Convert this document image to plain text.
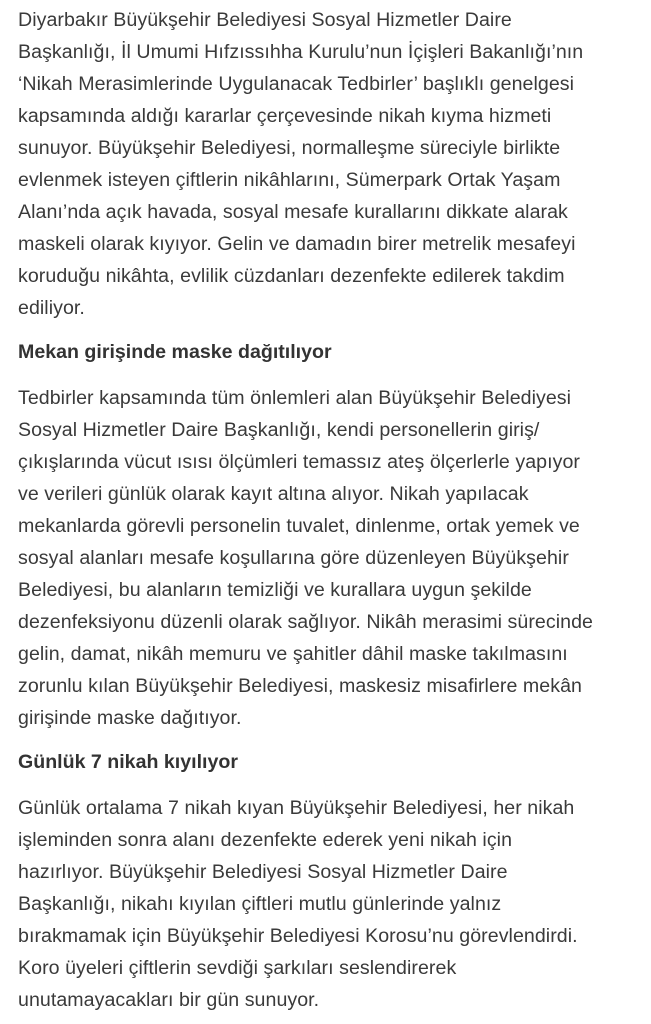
Diyarbakır Büyükşehir Belediyesi Sosyal Hizmetler Daire
Başkanlığı, İl Umumi Hıfzıssıhha Kurulu’nun İçişleri Bakanlığı’nın
‘Nikah Merasimlerinde Uygulanacak Tedbirler’ başlıklı genelgesi
kapsamında aldığı kararlar çerçevesinde nikah kıyma hizmeti
sunuyor. Büyükşehir Belediyesi, normalleşme süreciyle birlikte
evlenmek isteyen çiftlerin nikâhlarını, Sümerpark Ortak Yaşam
Alanı’nda açık havada, sosyal mesafe kurallarını dikkate alarak
maskeli olarak kıyıyor. Gelin ve damadın birer metrelik mesafeyi
koruduğu nikâhta, evlilik cüzdanları dezenfekte edilerek takdim
ediliyor.
Mekan girişinde maske dağıtılıyor
Tedbirler kapsamında tüm önlemleri alan Büyükşehir Belediyesi
Sosyal Hizmetler Daire Başkanlığı, kendi personellerin giriş/
çıkışlarında vücut ısısı ölçümleri temassız ateş ölçerlerle yapıyor
ve verileri günlük olarak kayıt altına alıyor. Nikah yapılacak
mekanlarda görevli personelin tuvalet, dinlenme, ortak yemek ve
sosyal alanları mesafe koşullarına göre düzenleyen Büyükşehir
Belediyesi, bu alanların temizliği ve kurallara uygun şekilde
dezenfeksiyonu düzenli olarak sağlıyor. Nikâh merasimi sürecinde
gelin, damat, nikâh memuru ve şahitler dâhil maske takılmasını
zorunlu kılan Büyükşehir Belediyesi, maskesiz misafirlere mekân
girişinde maske dağıtıyor.
Günlük 7 nikah kıyılıyor
Günlük ortalama 7 nikah kıyan Büyükşehir Belediyesi, her nikah
işleminden sonra alanı dezenfekte ederek yeni nikah için
hazırlıyor. Büyükşehir Belediyesi Sosyal Hizmetler Daire
Başkanlığı, nikahı kıyılan çiftleri mutlu günlerinde yalnız
bırakmamak için Büyükşehir Belediyesi Korosu’nu görevlendirdi.
Koro üyeleri çiftlerin sevdiği şarkıları seslendirerek
unutamayacakları bir gün sunuyor.
